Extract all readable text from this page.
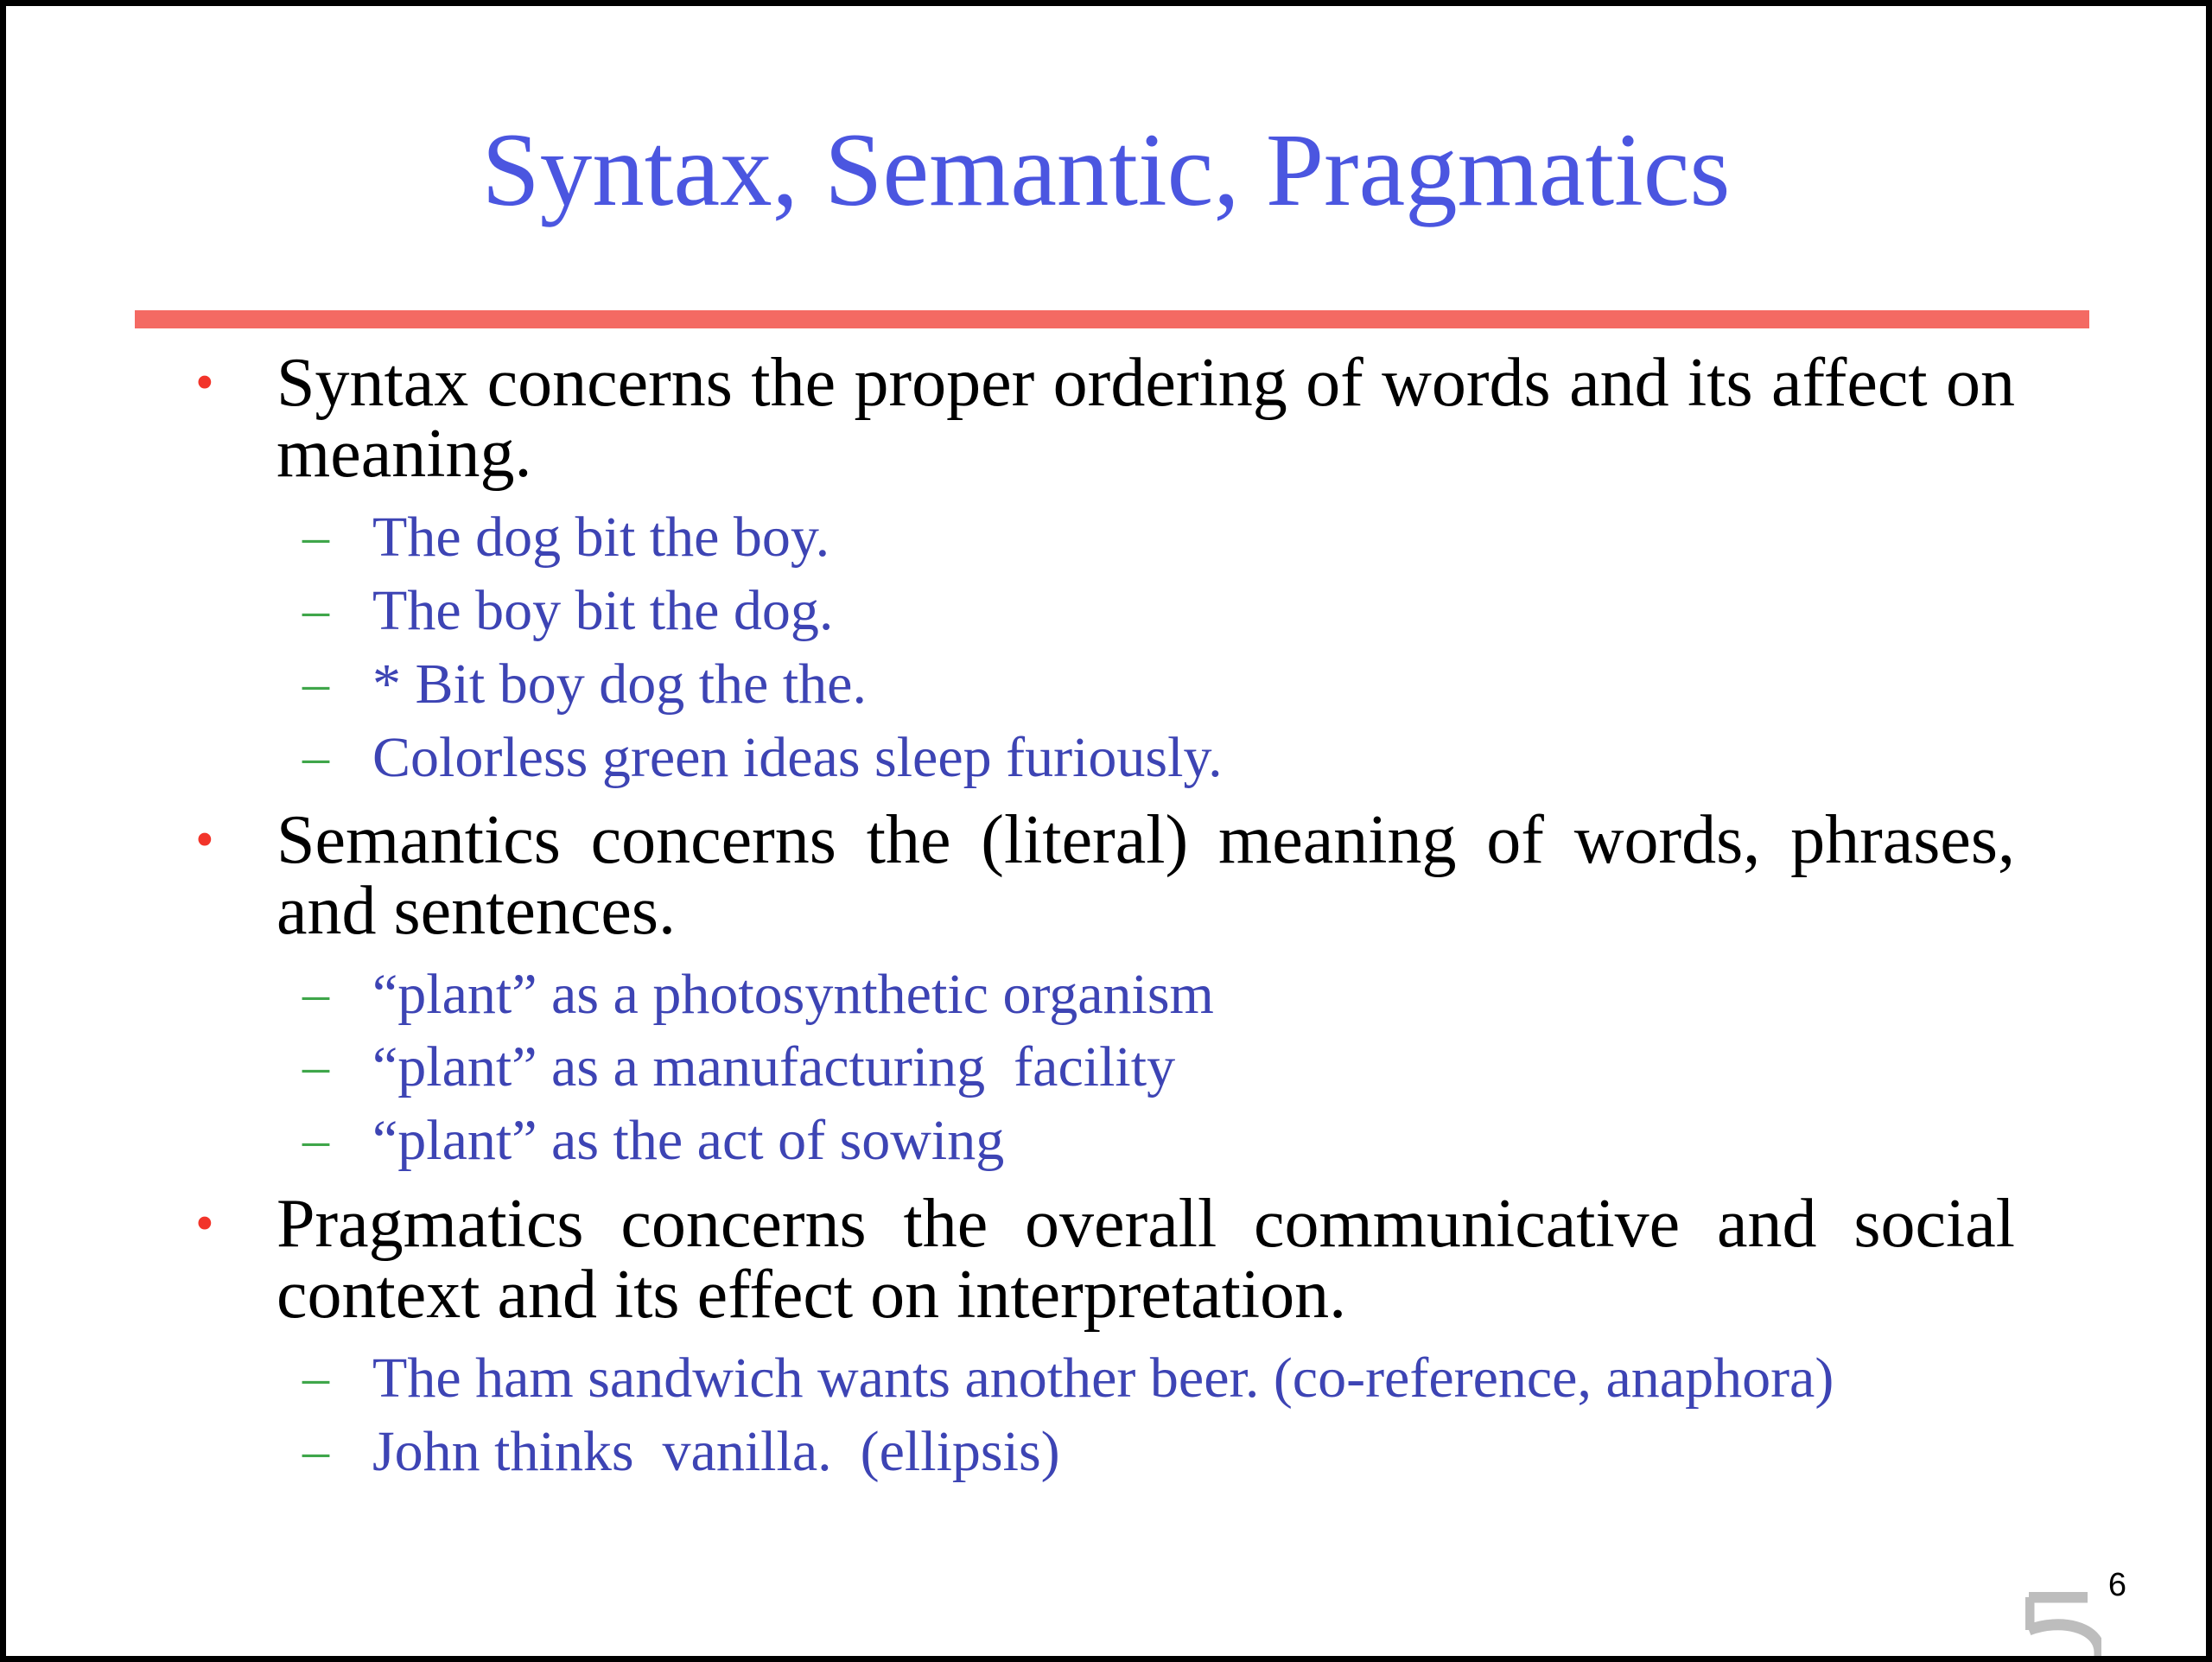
Syntax, Semantic, Pragmatics
• Syntax concerns the proper ordering of words and its affect on meaning.
– The dog bit the boy.
– The boy bit the dog.
– * Bit boy dog the the.
– Colorless green ideas sleep furiously.
• Semantics concerns the (literal) meaning of words, phrases, and sentences.
– “plant” as a photosynthetic organism
– “plant” as a manufacturing  facility
– “plant” as the act of sowing
• Pragmatics concerns the overall communicative and social context and its effect on interpretation.
– The ham sandwich wants another beer. (co-reference, anaphora)
– John thinks  vanilla.  (ellipsis)
6
